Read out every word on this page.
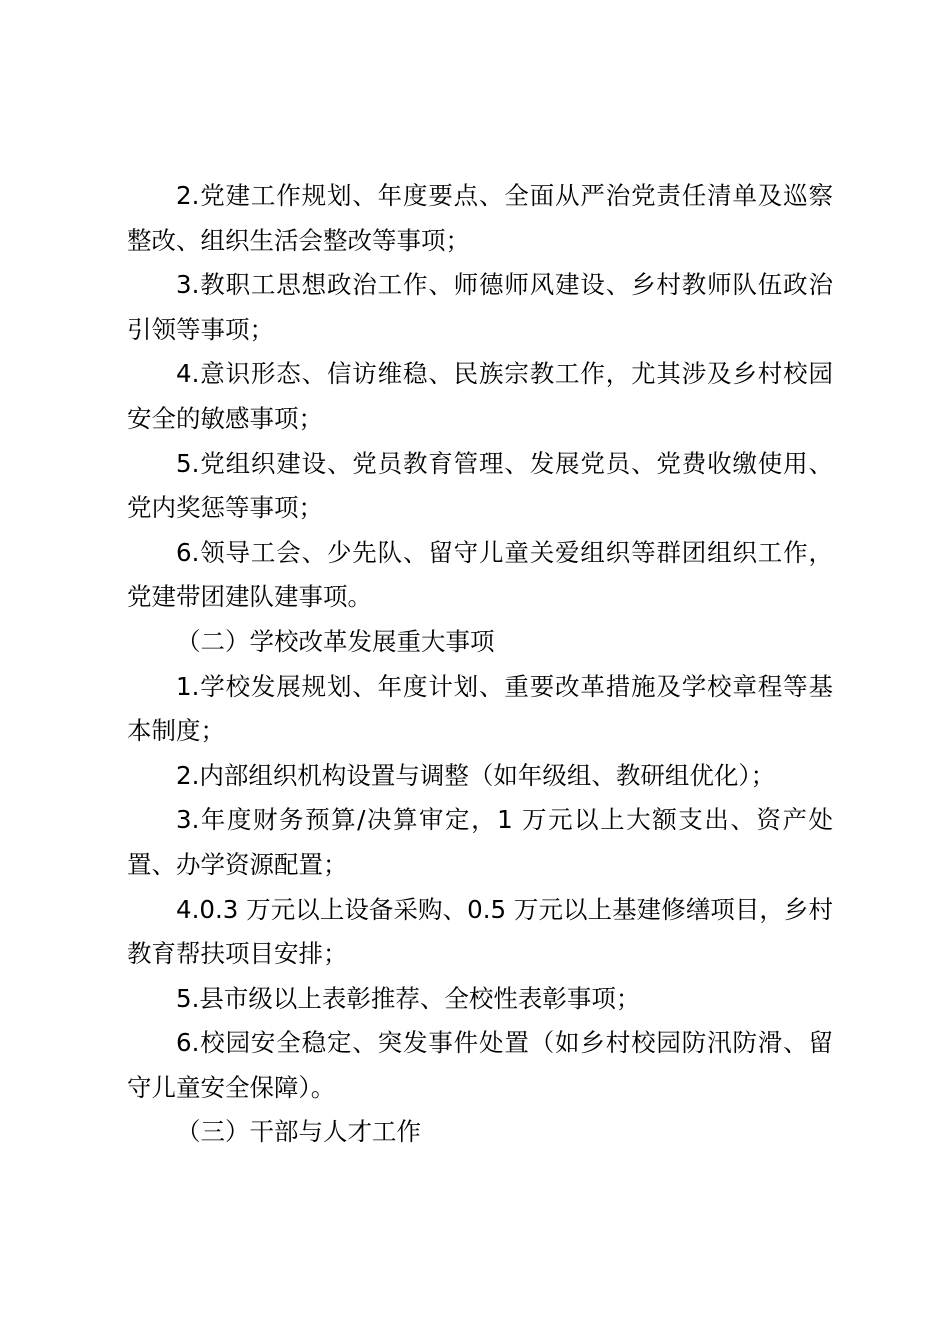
2.党建工作规划、年度要点、全面从严治党责任清单及巡察整改、组织生活会整改等事项；

3.教职工思想政治工作、师德师风建设、乡村教师队伍政治引领等事项；

4.意识形态、信访维稳、民族宗教工作，尤其涉及乡村校园安全的敏感事项；

5.党组织建设、党员教育管理、发展党员、党费收缴使用、党内奖惩等事项；

6.领导工会、少先队、留守儿童关爱组织等群团组织工作，党建带团建队建事项。

（二）学校改革发展重大事项

1.学校发展规划、年度计划、重要改革措施及学校章程等基本制度；

2.内部组织机构设置与调整（如年级组、教研组优化）；

3.年度财务预算/决算审定，1 万元以上大额支出、资产处置、办学资源配置；

4.0.3 万元以上设备采购、0.5 万元以上基建修缮项目，乡村教育帮扶项目安排；

5.县市级以上表彰推荐、全校性表彰事项；

6.校园安全稳定、突发事件处置（如乡村校园防汛防滑、留守儿童安全保障）。

（三）干部与人才工作
